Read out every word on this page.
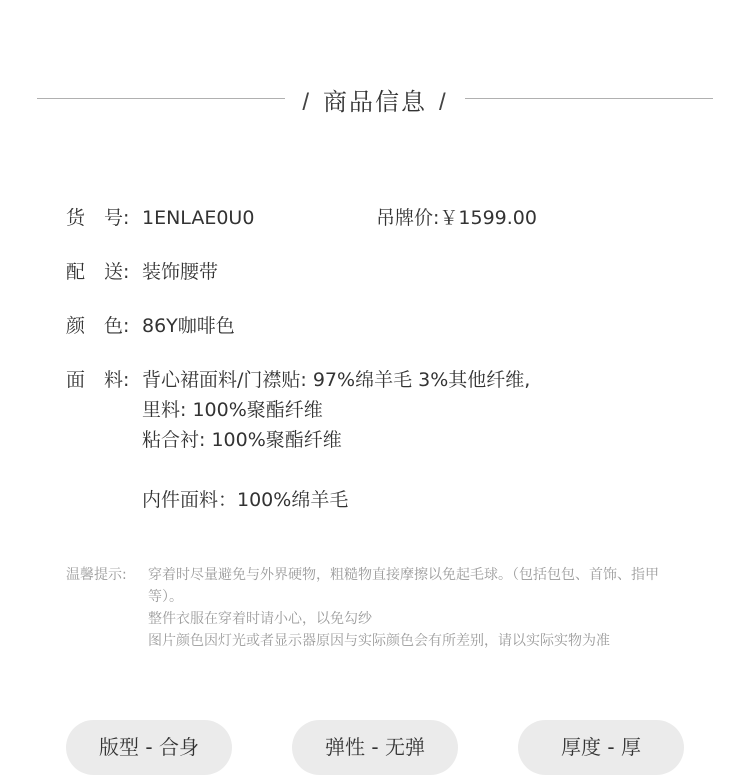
/ 商品信息 /
货 号: 1ENLAE0U0	吊牌价:￥1599.00
配 送: 装饰腰带
颜 色: 86Y咖啡色
面 料: 背心裙面料/门襟贴: 97%绵羊毛 3%其他纤维,
里料: 100%聚酯纤维
粘合衬: 100%聚酯纤维
内件面料：100%绵羊毛
温馨提示: 穿着时尽量避免与外界硬物，粗糙物直接摩擦以免起毛球。（包括包包、首饰、指甲等）。
整件衣服在穿着时请小心，以免勾纱
图片颜色因灯光或者显示器原因与实际颜色会有所差别，请以实际实物为准
版型 - 合身	弹性 - 无弹	厚度 - 厚
